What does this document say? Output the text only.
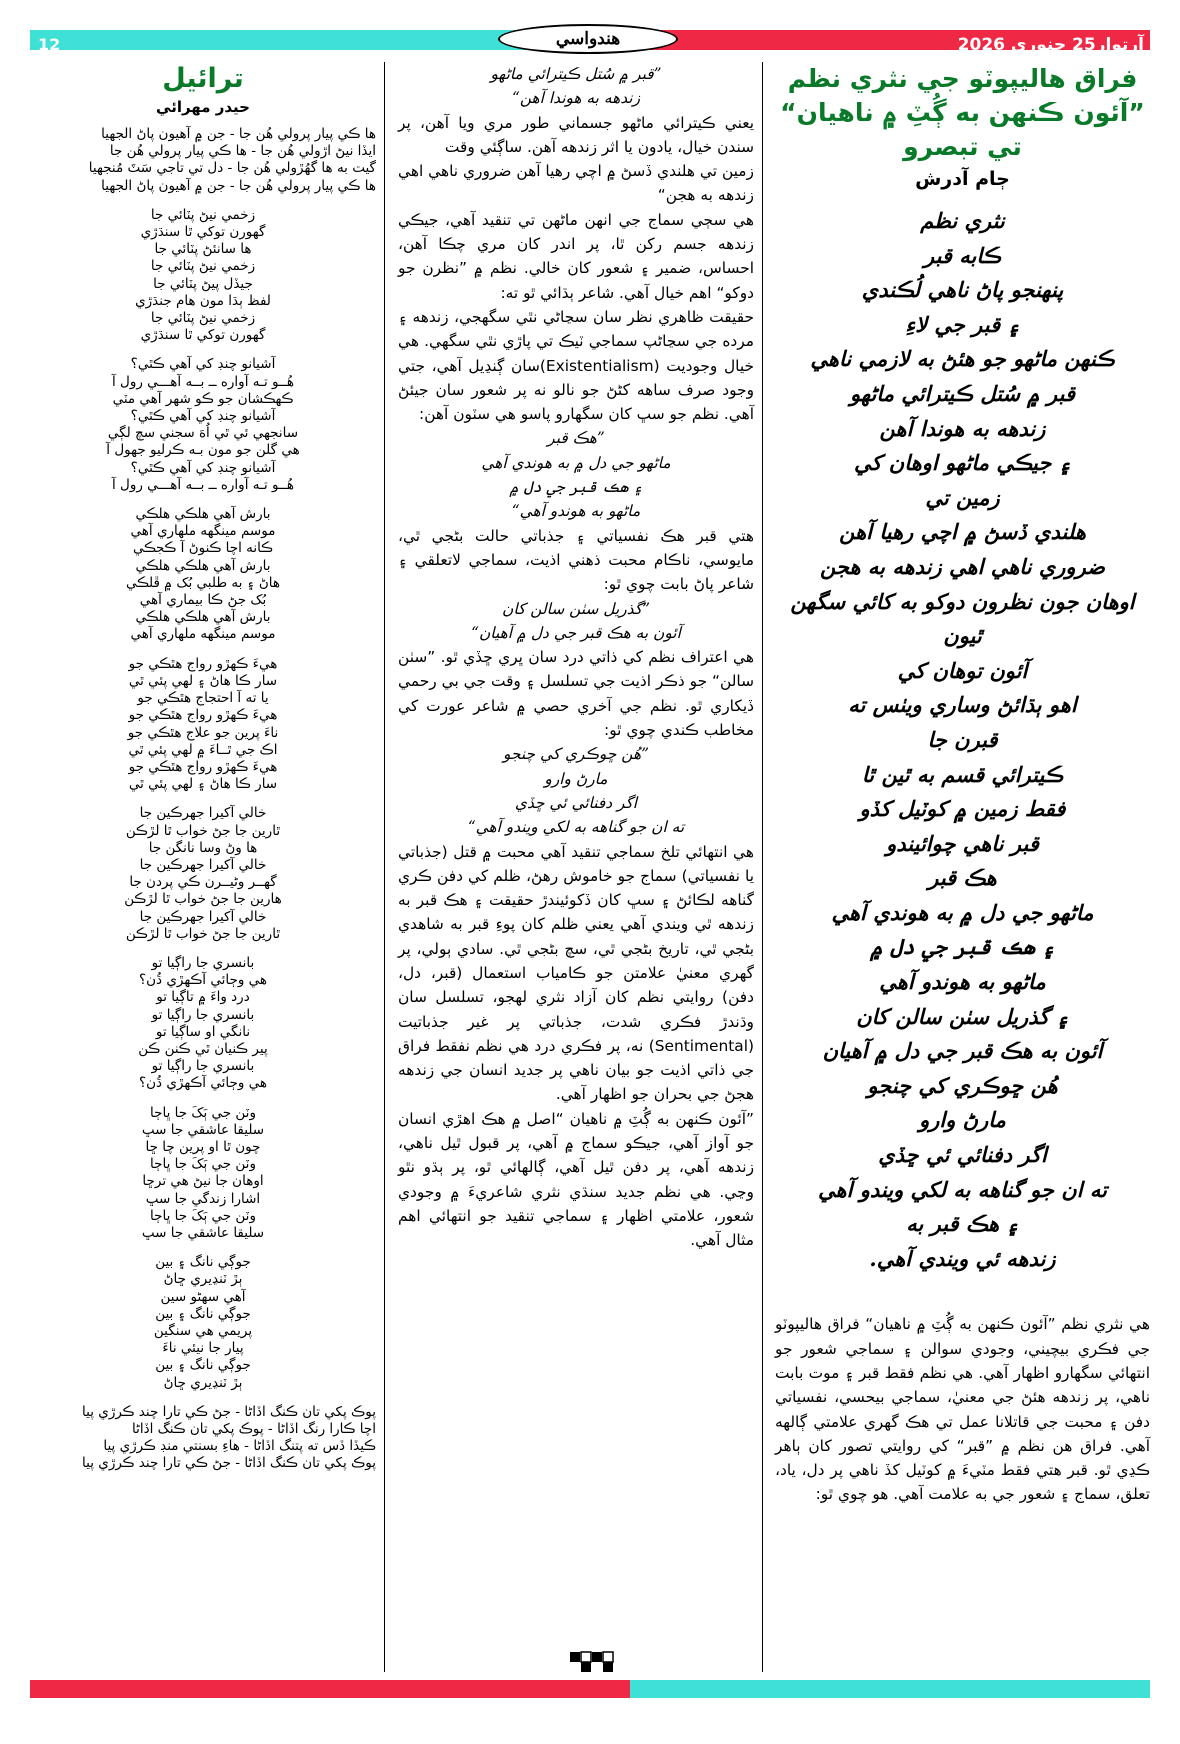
12	آرتوار25 جنوري 2026
هندواسي
فراق هاليپوٽو جي نثري نظم ”آئون ڪنهن به ڳُٽِ ۾ ناهيان“ تي تبصرو
ڄام آدرش
نثري نظم
ڪابه قبر
پنهنجو پاڻ ناهي لُڪندي
۽ قبر جي لاءِ
ڪنهن ماڻهو جو هئڻ به لازمي ناهي
قبر ۾ سُتل ڪيترائي ماڻهو
زندهه به هوندا آهن
۽ جيڪي ماڻهو اوهان کي
زمين تي
هلندي ڏسڻ ۾ اچي رهيا آهن
ضروري ناهي اهي زندهه به هجن
اوهان جون نظرون دوکو به کائي سگهن
ٿيون
آئون توهان کي
اهو ٻڌائڻ وساري ويٺس ته
قبرن جا
ڪيترائي قسم به ٿين ٿا
فقط زمين ۾ کوٽيل کڏو
قبر ناهي چوائيندو
هڪ قبر
ماڻهو جي دل ۾ به هوندي آهي
۽ هڪ قبر جي دل ۾
ماڻهو به هوندو آهي
۽ گذريل سٺن سالن کان
آئون به هڪ قبر جي دل ۾ آهيان
هُن ڇوڪري کي چنجو
مارڻ وارو
اگر دفنائي ئي ڇڏي
ته ان جو گناهه به لکي ويندو آهي
۽ هڪ قبر به
زندهه ئي ويندي آهي.
هي نثري نظم ”آئون ڪنهن به ڳُٽِ ۾ ناهيان“ فراق هاليپوٽو جي فڪري بيچيني، وجودي سوالن ۽ سماجي شعور جو انتهائي سگهارو اظهار آهي. هي نظم فقط قبر ۽ موت بابت ناهي، پر زندهه هئڻ جي معنيٰ، سماجي بيحسي، نفسياتي دفن ۽ محبت جي قاتلانا عمل تي هڪ گهري علامتي ڳالهه آهي. فراق هن نظم ۾ ”قبر“ کي روايتي تصور کان ٻاهر ڪڍي ٿو. قبر هتي فقط مٽيءَ ۾ کوٽيل کڏ ناهي پر دل، ياد، تعلق، سماج ۽ شعور جي به علامت آهي. هو چوي ٿو:
”قبر ۾ سُتل ڪيترائي ماڻهو
زندهه به هوندا آهن“
يعني ڪيترائي ماڻهو جسماني طور مري ويا آهن، پر سندن خيال، يادون يا اثر زندهه آهن. ساڳئي وقت
زمين تي هلندي ڏسڻ ۾ اچي رهيا آهن ضروري ناهي اهي زندهه به هجن“
هي سڄي سماج جي انهن ماڻهن تي تنقيد آهي، جيڪي زندهه جسم رکن ٿا، پر اندر کان مري چڪا آهن، احساس، ضمير ۽ شعور کان خالي. نظم ۾ ”نظرن جو دوکو“ اهم خيال آهي. شاعر ٻڌائي ٿو ته:
حقيقت ظاهري نظر سان سڃاڻي نٿي سگهجي، زندهه ۽ مرده جي سڃاڻپ سماجي ٽيڪ تي پاڙي نٿي سگهي. هي خيال وجوديت (Existentialism)سان ڳنڍيل آهي، جتي وجود صرف ساهه کڻڻ جو نالو نه پر شعور سان جيئڻ آهي. نظم جو سڀ کان سگهارو پاسو هي سٽون آهن:
”هڪ قبر
ماڻهو جي دل ۾ به هوندي آهي
۽ هڪ قبر جي دل ۾
ماڻهو به هوندو آهي“
هتي قبر هڪ نفسياتي ۽ جذباتي حالت بڻجي ٿي، مايوسي، ناڪام محبت ذهني اذيت، سماجي لاتعلقي ۽ شاعر پاڻ بابت چوي ٿو:
”گذريل سٺن سالن کان
آئون به هڪ قبر جي دل ۾ آهيان“
هي اعتراف نظم کي ذاتي درد سان ڀري ڇڏي ٿو. ”سٺن سالن“ جو ذڪر اذيت جي تسلسل ۽ وقت جي بي رحمي ڏيکاري ٿو. نظم جي آخري حصي ۾ شاعر عورت کي مخاطب ڪندي چوي ٿو:
”هُن ڇوڪري کي چنجو
مارڻ وارو
اگر دفنائي ئي ڇڏي
ته ان جو گناهه به لکي ويندو آهي“
هي انتهائي تلخ سماجي تنقيد آهي محبت ۾ قتل (جذباتي يا نفسياتي) سماج جو خاموش رهڻ، ظلم کي دفن ڪري گناهه لڪائڻ ۽ سڀ کان ڏکوئيندڙ حقيقت ۽ هڪ قبر به زندهه ٿي ويندي آهي يعني ظلم کان پوءِ قبر به شاهدي بڻجي ٿي، تاريخ بڻجي ٿي، سچ بڻجي ٿي. سادي ٻولي، پر گهري معنيٰ علامتن جو ڪامياب استعمال (قبر، دل، دفن) روايتي نظم کان آزاد نثري لهجو، تسلسل سان وڌندڙ فڪري شدت، جذباتي پر غير جذباتيت (Sentimental) نه، پر فڪري درد هي نظم نفقط فراق جي ذاتي اذيت جو بيان ناهي پر جديد انسان جي زندهه هجڻ جي بحران جو اظهار آهي.
”آئون ڪنهن به ڳُٽِ ۾ ناهيان “اصل ۾ هڪ اهڙي انسان جو آواز آهي، جيڪو سماج ۾ آهي، پر قبول ٿيل ناهي، زندهه آهي، پر دفن ٿيل آهي، ڳالهائي ٿو، پر ٻڌو نٿو وڃي. هي نظم جديد سنڌي نثري شاعريءَ ۾ وجودي شعور، علامتي اظهار ۽ سماجي تنقيد جو انتهائي اهم مثال آهي.
ترائيل
حيدر مهرائي
ها ڪي پيار پرولي هُن جا - جن ۾ آهيون پاڻ الجهيا
ايڏا نيڻ اڙولي هُن جا - ها ڪي پيار پرولي هُن جا
گيت به ها گهُڙولي هُن جا - دل تي تاجي سَٽَ مُنجهيا
ها ڪي پيار پرولي هُن جا - جن ۾ آهيون پاڻ الجهيا
زخمي نيڻ پٽائي جا
گهورن توکي ٿا سنڌڙي
ها سانئڻ پٽائي جا
زخمي نيڻ پٽائي جا
جيڏل پيڻ پٽائي جا
لفظ ٻڌا مون هام جنڌڙي
زخمي نيڻ پٽائي جا
گهورن توکي ٿا سنڌڙي
آشيانو چنڊ کي آهي ڪٿي؟
هُــو تـه آواره ــ بــه آهـــي رول آ
ڪهڪشان جو ڪو شهر آهي مٽي
آشيانو چنڊ کي آهي ڪٿي؟
سانجهي ئي ٿي اُهَ سجني سچ لڳي
هي گلن جو مون بـه ڪرليو جهول آ
آشيانو چنڊ کي آهي ڪٿي؟
هُــو تـه آواره ــ بــه آهـــي رول آ
بارش آهي هلڪي هلڪي
موسم مينگهه ملهاري آهي
ڪانه اچا ڪنوڻ آ ڪجڪي
بارش آهي هلڪي هلڪي
هاڻ ۽ به طلبي بُک ۾ ڦلڪي
بُک جڻ ڪا بيماري آهي
بارش آهي هلڪي هلڪي
موسم مينگهه ملهاري آهي
هيءَ ڪهڙو رواج هٿڪي جو
سار ڪا هاڻ ۽ لهي پئي ٿي
يا ته آ احتجاج هٿڪي جو
هيءَ ڪهڙو رواج هٿڪي جو
ناءَ پرين جو علاج هٿڪي جو
اڪ جي ٿــاءَ ۾ لهي پئي ٿي
هيءَ ڪهڙو رواج هٿڪي جو
سار ڪا هاڻ ۽ لهي پئي ٿي
خالي آکيرا جهرڪين جا
ٿارين جا جڻ خواب ٿا لڙڪن
ها وڻ وسا نانگن جا
خالي آکيرا جهرڪين جا
گهــر وڻيــرن ڪي پردن جا
هارين جا جڻ خواب ٿا لڙڪن
خالي آکيرا جهرڪين جا
ٿارين جا جڻ خواب ٿا لڙڪن
بانسري جا راڳيا تو
هي وڄائي آڪهڙي ڌُن؟
درد واءَ ۾ تاڳيا تو
بانسري جا راڳيا تو
نانگي او ساڳيا تو
پير ڪنيان ٿي ڪنن ڪن
بانسري جا راڳيا تو
هي وڄائي آڪهڙي ڌُن؟
وٽن جي ٻَکَ جا ڀاڄا
سليقا عاشقي جا سڀ
چون ٿا او پرين چا ڇا
وٽن جي ٻَکَ جا ڀاڄا
اوهان جا نيڻ هي ترڇا
اشارا زندگي جا سڀ
وٽن جي ٻَکَ جا ڀاڄا
سليقا عاشقي جا سڀ
جوڳي نانگ ۽ بين
ٻڙ ٽنڍيري ڇاڻ
آهي سهڻو سين
جوڳي نانگ ۽ بين
پريمي هي سنگين
پيار جا نيئي ناءَ
جوڳي نانگ ۽ بين
ٻڙ ٽنڍيري ڇاڻ
پوڪ پکي تان ڪنگ اڏاڻا - جڻ ڪي تارا چند ڪرڙي پيا
اچا ڪارا رنگ اڏاڻا - پوڪ پکي تان ڪنگ اڏاڻا
ڪيڏا ڏس ته پتنگ اڏاڻا - هاءِ بسنتي منڊ ڪرڙي پيا
پوڪ پکي تان ڪنگ اڏاڻا - جڻ ڪي تارا چند ڪرڙي پيا
